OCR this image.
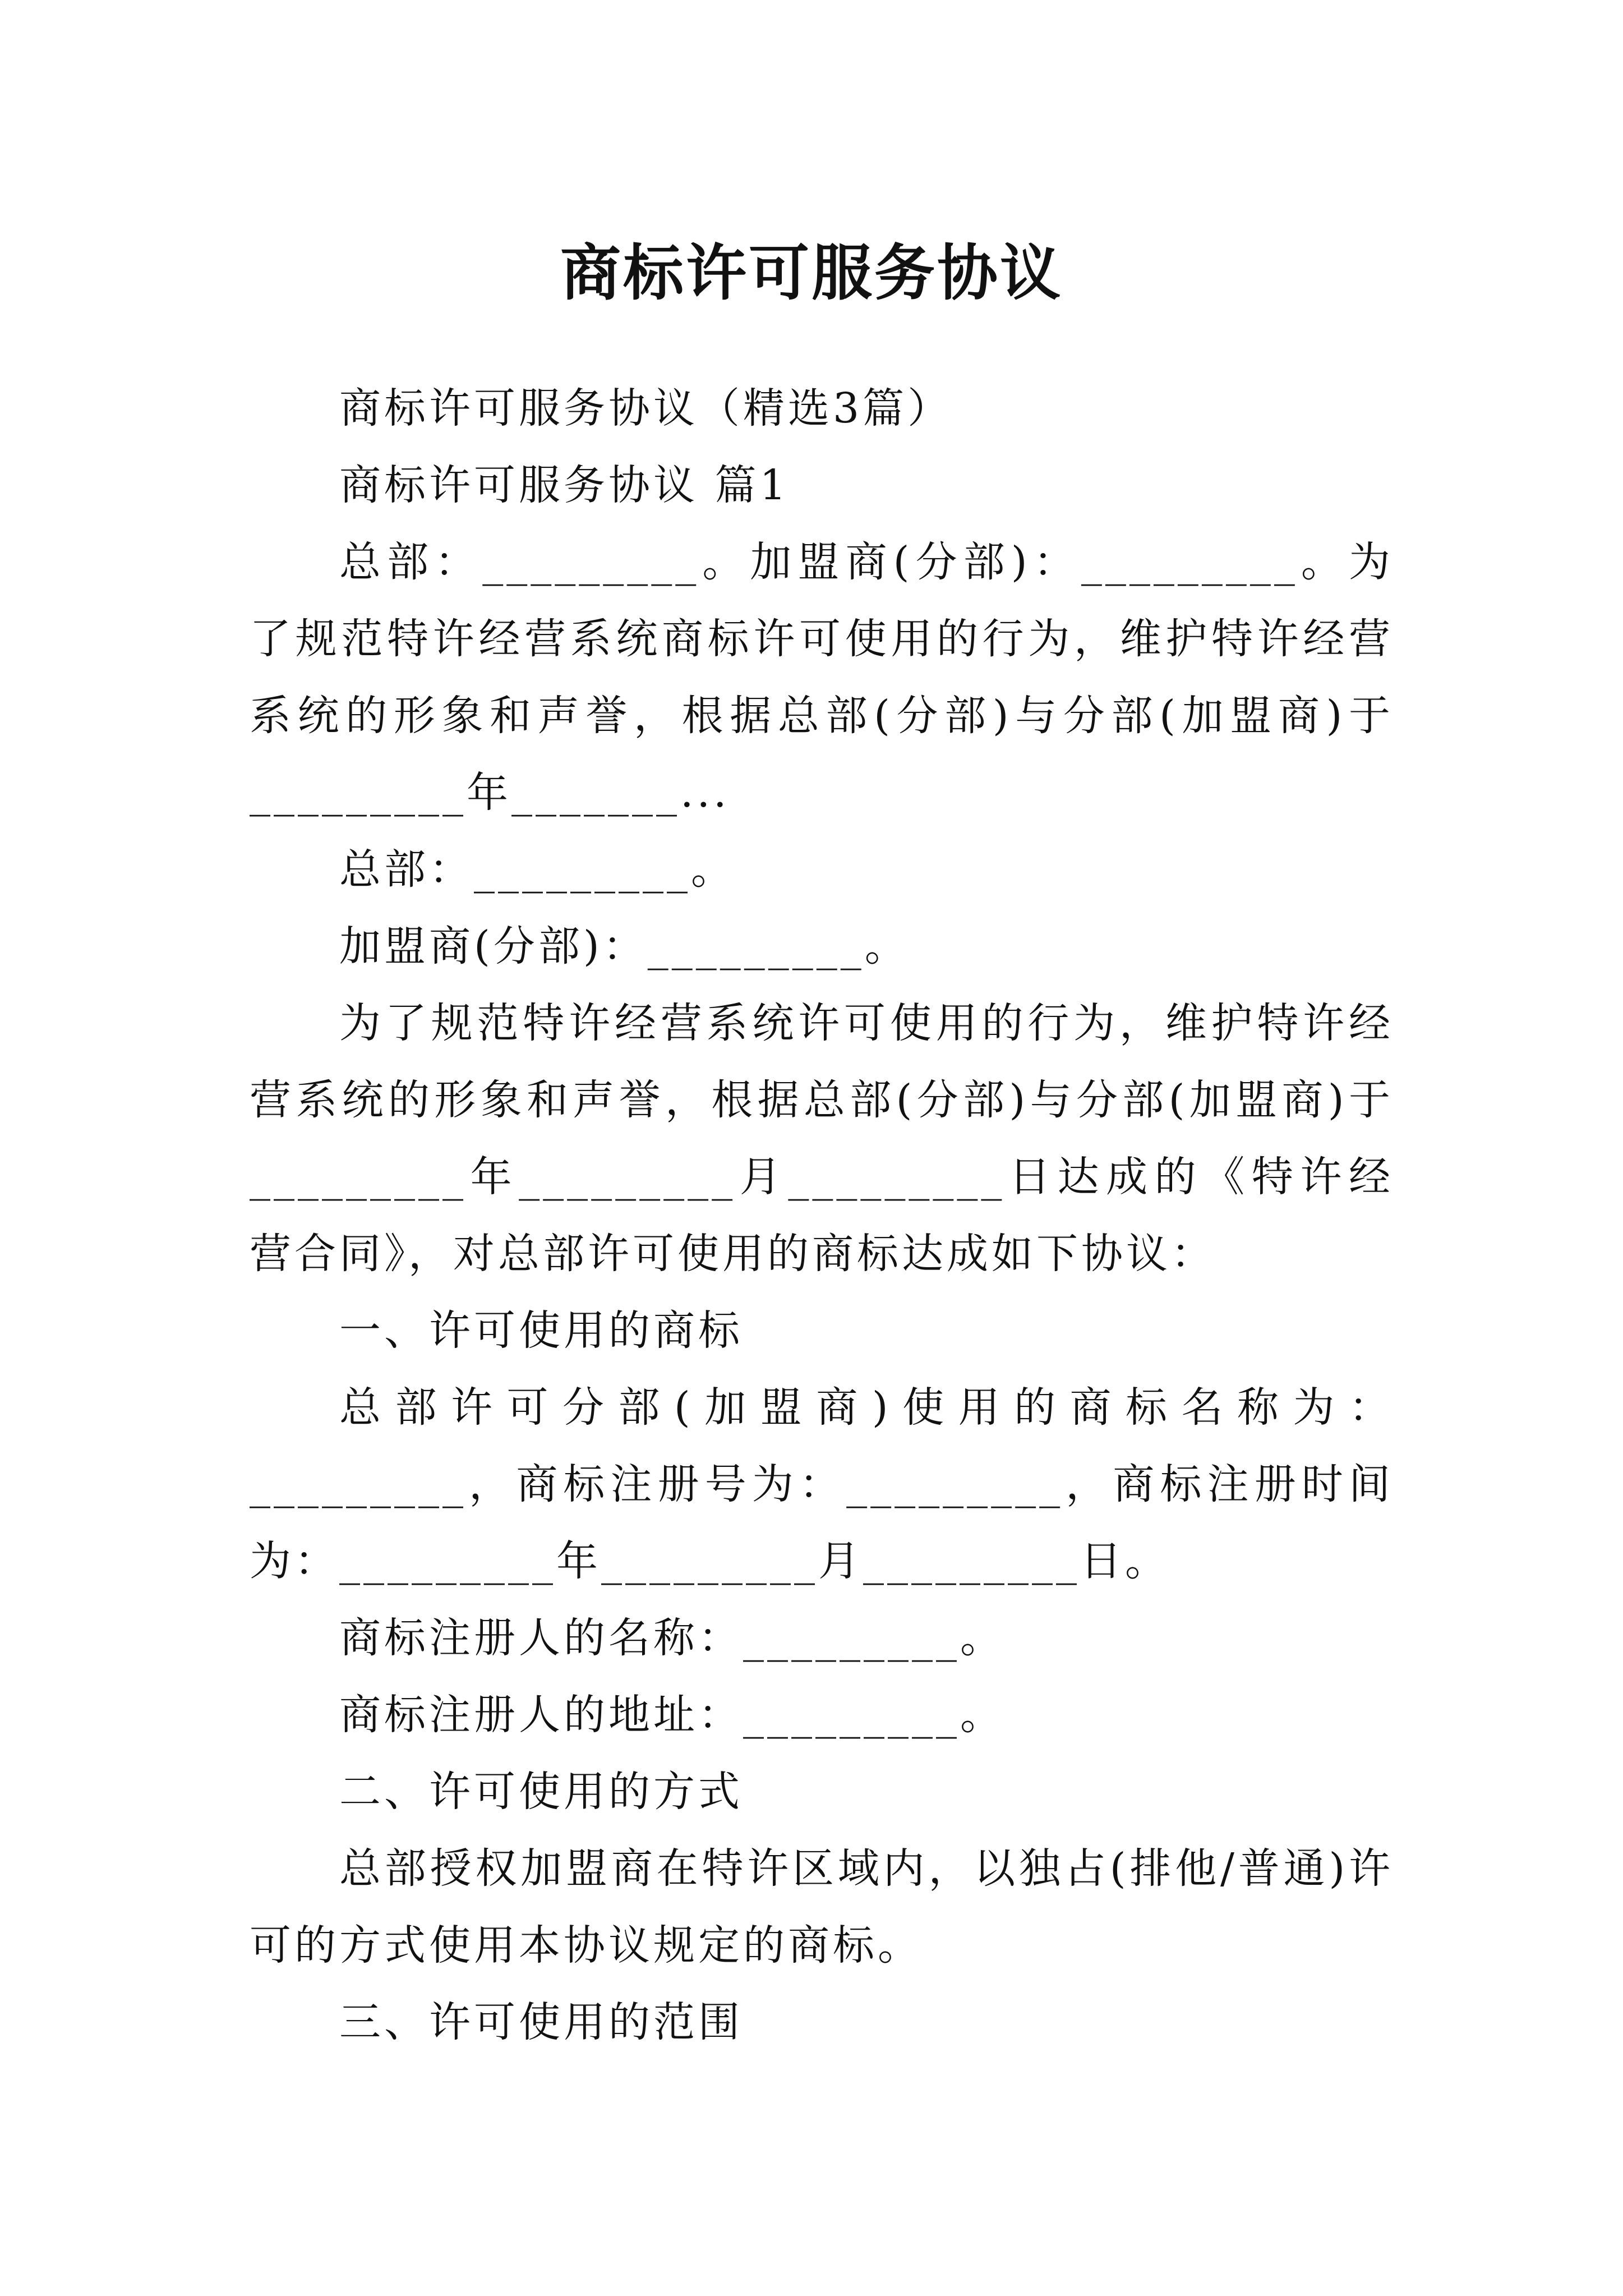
商标许可服务协议

商标许可服务协议（精选3篇）

商标许可服务协议 篇1

总部：_________。加盟商(分部)：_________。为了规范特许经营系统商标许可使用的行为，维护特许经营系统的形象和声誉，根据总部(分部)与分部(加盟商)于_________年_______...

总部：_________。

加盟商(分部)：_________。

为了规范特许经营系统许可使用的行为，维护特许经营系统的形象和声誉，根据总部(分部)与分部(加盟商)于_________年_________月_________日达成的《特许经营合同》，对总部许可使用的商标达成如下协议：

一、许可使用的商标

总部许可分部(加盟商)使用的商标名称为：_________，商标注册号为：_________，商标注册时间为：_________年_________月_________日。

商标注册人的名称：_________。

商标注册人的地址：_________。

二、许可使用的方式

总部授权加盟商在特许区域内，以独占(排他/普通)许可的方式使用本协议规定的商标。

三、许可使用的范围
